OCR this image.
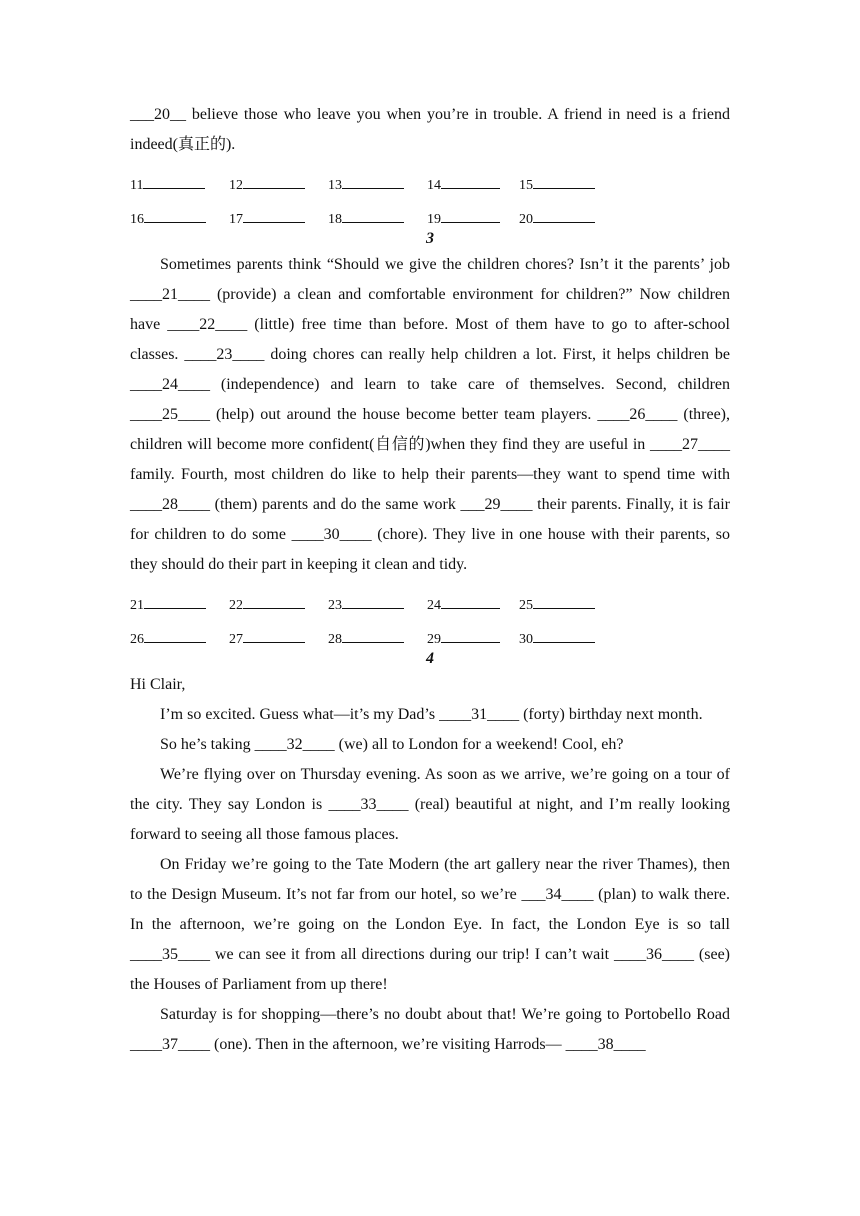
___20__ believe those who leave you when you’re in trouble. A friend in need is a friend indeed(真正的).

11	12	13	14	15
16	17	18	19	20
3

Sometimes parents think “Should we give the children chores? Isn’t it the parents’ job ____21____ (provide) a clean and comfortable environment for children?” Now children have ____22____ (little) free time than before. Most of them have to go to after-school classes. ____23____ doing chores can really help children a lot. First, it helps children be ____24____ (independence) and learn to take care of themselves. Second, children ____25____ (help) out around the house become better team players. ____26____ (three), children will become more confident(自信的)when they find they are useful in ____27____ family. Fourth, most children do like to help their parents—they want to spend time with ____28____ (them) parents and do the same work ___29____ their parents. Finally, it is fair for children to do some ____30____ (chore). They live in one house with their parents, so they should do their part in keeping it clean and tidy.

21	22	23	24	25
26	27	28	29	30
4

Hi Clair,

I’m so excited. Guess what—it’s my Dad’s ____31____ (forty) birthday next month.

So he’s taking ____32____ (we) all to London for a weekend! Cool, eh?

We’re flying over on Thursday evening. As soon as we arrive, we’re going on a tour of the city. They say London is ____33____ (real) beautiful at night, and I’m really looking forward to seeing all those famous places.

On Friday we’re going to the Tate Modern (the art gallery near the river Thames), then to the Design Museum. It’s not far from our hotel, so we’re ___34____ (plan) to walk there. In the afternoon, we’re going on the London Eye. In fact, the London Eye is so tall ____35____ we can see it from all directions during our trip! I can’t wait ____36____ (see) the Houses of Parliament from up there!

Saturday is for shopping—there’s no doubt about that! We’re going to Portobello Road ____37____ (one). Then in the afternoon, we’re visiting Harrods— ____38____
